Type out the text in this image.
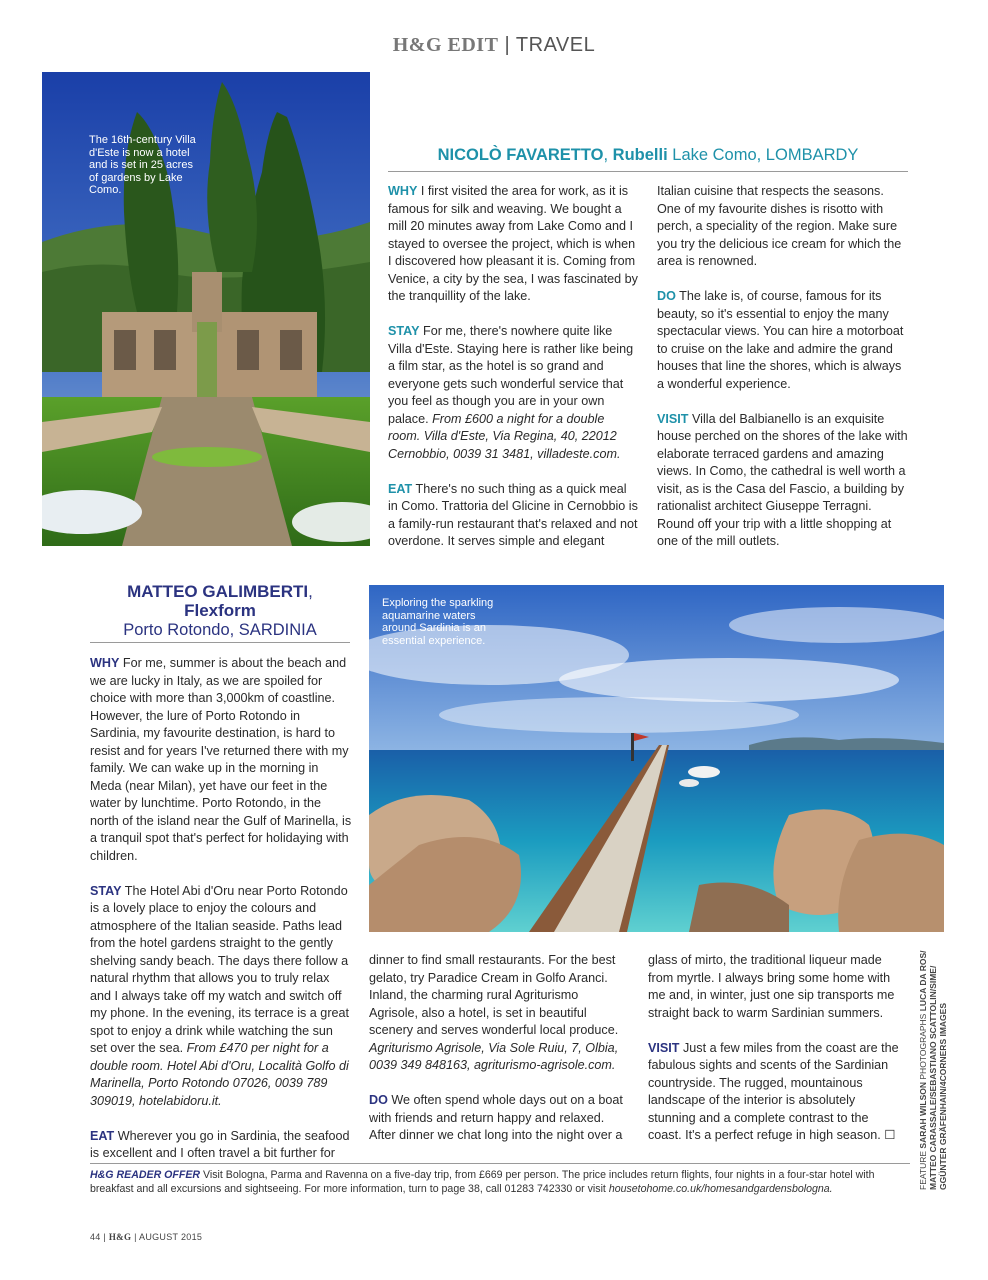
H&G EDIT | TRAVEL
The 16th-century Villa d'Este is now a hotel and is set in 25 acres of gardens by Lake Como.
NICOLÒ FAVARETTO, Rubelli Lake Como, LOMBARDY

WHY I first visited the area for work, as it is famous for silk and weaving. We bought a mill 20 minutes away from Lake Como and I stayed to oversee the project, which is when I discovered how pleasant it is. Coming from Venice, a city by the sea, I was fascinated by the tranquillity of the lake.

STAY For me, there's nowhere quite like Villa d'Este. Staying here is rather like being a film star, as the hotel is so grand and everyone gets such wonderful service that you feel as though you are in your own palace. From £600 a night for a double room. Villa d'Este, Via Regina, 40, 22012 Cernobbio, 0039 31 3481, villadeste.com.

EAT There's no such thing as a quick meal in Como. Trattoria del Glicine in Cernobbio is a family-run restaurant that's relaxed and not overdone. It serves simple and elegant

Italian cuisine that respects the seasons. One of my favourite dishes is risotto with perch, a speciality of the region. Make sure you try the delicious ice cream for which the area is renowned.

DO The lake is, of course, famous for its beauty, so it's essential to enjoy the many spectacular views. You can hire a motorboat to cruise on the lake and admire the grand houses that line the shores, which is always a wonderful experience.

VISIT Villa del Balbianello is an exquisite house perched on the shores of the lake with elaborate terraced gardens and amazing views. In Como, the cathedral is well worth a visit, as is the Casa del Fascio, a building by rationalist architect Giuseppe Terragni. Round off your trip with a little shopping at one of the mill outlets.

MATTEO GALIMBERTI,
Flexform
Porto Rotondo, SARDINIA

WHY For me, summer is about the beach and we are lucky in Italy, as we are spoiled for choice with more than 3,000km of coastline. However, the lure of Porto Rotondo in Sardinia, my favourite destination, is hard to resist and for years I've returned there with my family. We can wake up in the morning in Meda (near Milan), yet have our feet in the water by lunchtime. Porto Rotondo, in the north of the island near the Gulf of Marinella, is a tranquil spot that's perfect for holidaying with children.

STAY The Hotel Abi d'Oru near Porto Rotondo is a lovely place to enjoy the colours and atmosphere of the Italian seaside. Paths lead from the hotel gardens straight to the gently shelving sandy beach. The days there follow a natural rhythm that allows you to truly relax and I always take off my watch and switch off my phone. In the evening, its terrace is a great spot to enjoy a drink while watching the sun set over the sea. From £470 per night for a double room. Hotel Abi d'Oru, Località Golfo di Marinella, Porto Rotondo 07026, 0039 789 309019, hotelabidoru.it.

EAT Wherever you go in Sardinia, the seafood is excellent and I often travel a bit further for

Exploring the sparkling aquamarine waters around Sardinia is an essential experience.

dinner to find small restaurants. For the best gelato, try Paradice Cream in Golfo Aranci. Inland, the charming rural Agriturismo Agrisole, also a hotel, is set in beautiful scenery and serves wonderful local produce. Agriturismo Agrisole, Via Sole Ruiu, 7, Olbia, 0039 349 848163, agriturismo-agrisole.com.

DO We often spend whole days out on a boat with friends and return happy and relaxed. After dinner we chat long into the night over a

glass of mirto, the traditional liqueur made from myrtle. I always bring some home with me and, in winter, just one sip transports me straight back to warm Sardinian summers.

VISIT Just a few miles from the coast are the fabulous sights and scents of the Sardinian countryside. The rugged, mountainous landscape of the interior is absolutely stunning and a complete contrast to the coast. It's a perfect refuge in high season. ☐

H&G READER OFFER Visit Bologna, Parma and Ravenna on a five-day trip, from £669 per person. The price includes return flights, four nights in a four-star hotel with breakfast and all excursions and sightseeing. For more information, turn to page 38, call 01283 742330 or visit housetohome.co.uk/homesandgardensbologna.	FEATURE SARAH WILSON PHOTOGRAPHS LUCA DA ROS/ MATTEO CARASSALE/SEBASTIANO SCATTOLIN/SIME/ GGÜNTER GRÄFENHAIN/4CORNERS IMAGES
44 | H&G | AUGUST 2015
